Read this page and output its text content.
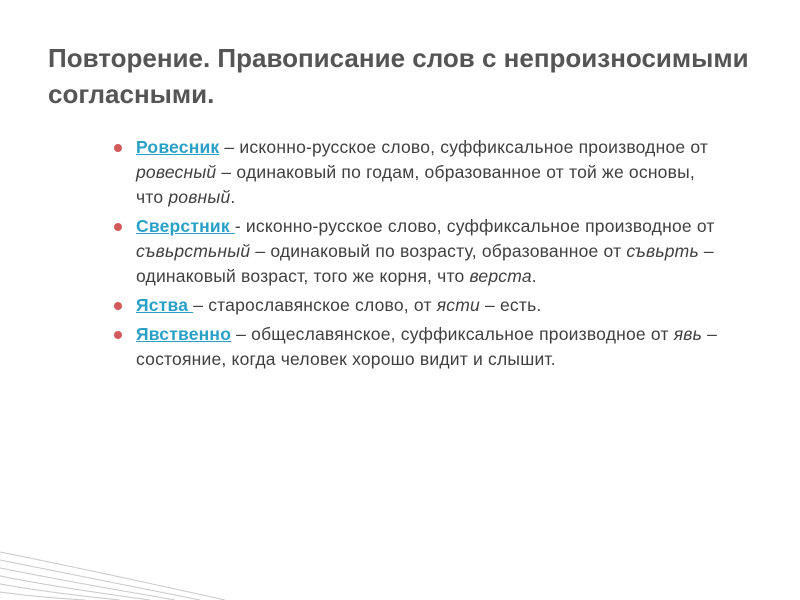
Повторение. Правописание слов с непроизносимыми согласными.
Ровесник – исконно-русское слово, суффиксальное производное от ровесный – одинаковый по годам, образованное от той же основы, что ровный.
Сверстник - исконно-русское слово, суффиксальное производное от съвьрстьный – одинаковый по возрасту, образованное от съвьрть – одинаковый возраст, того же корня, что верста.
Яства – старославянское слово, от ясти – есть.
Явственно – общеславянское, суффиксальное производное от явь – состояние, когда человек хорошо видит и слышит.
